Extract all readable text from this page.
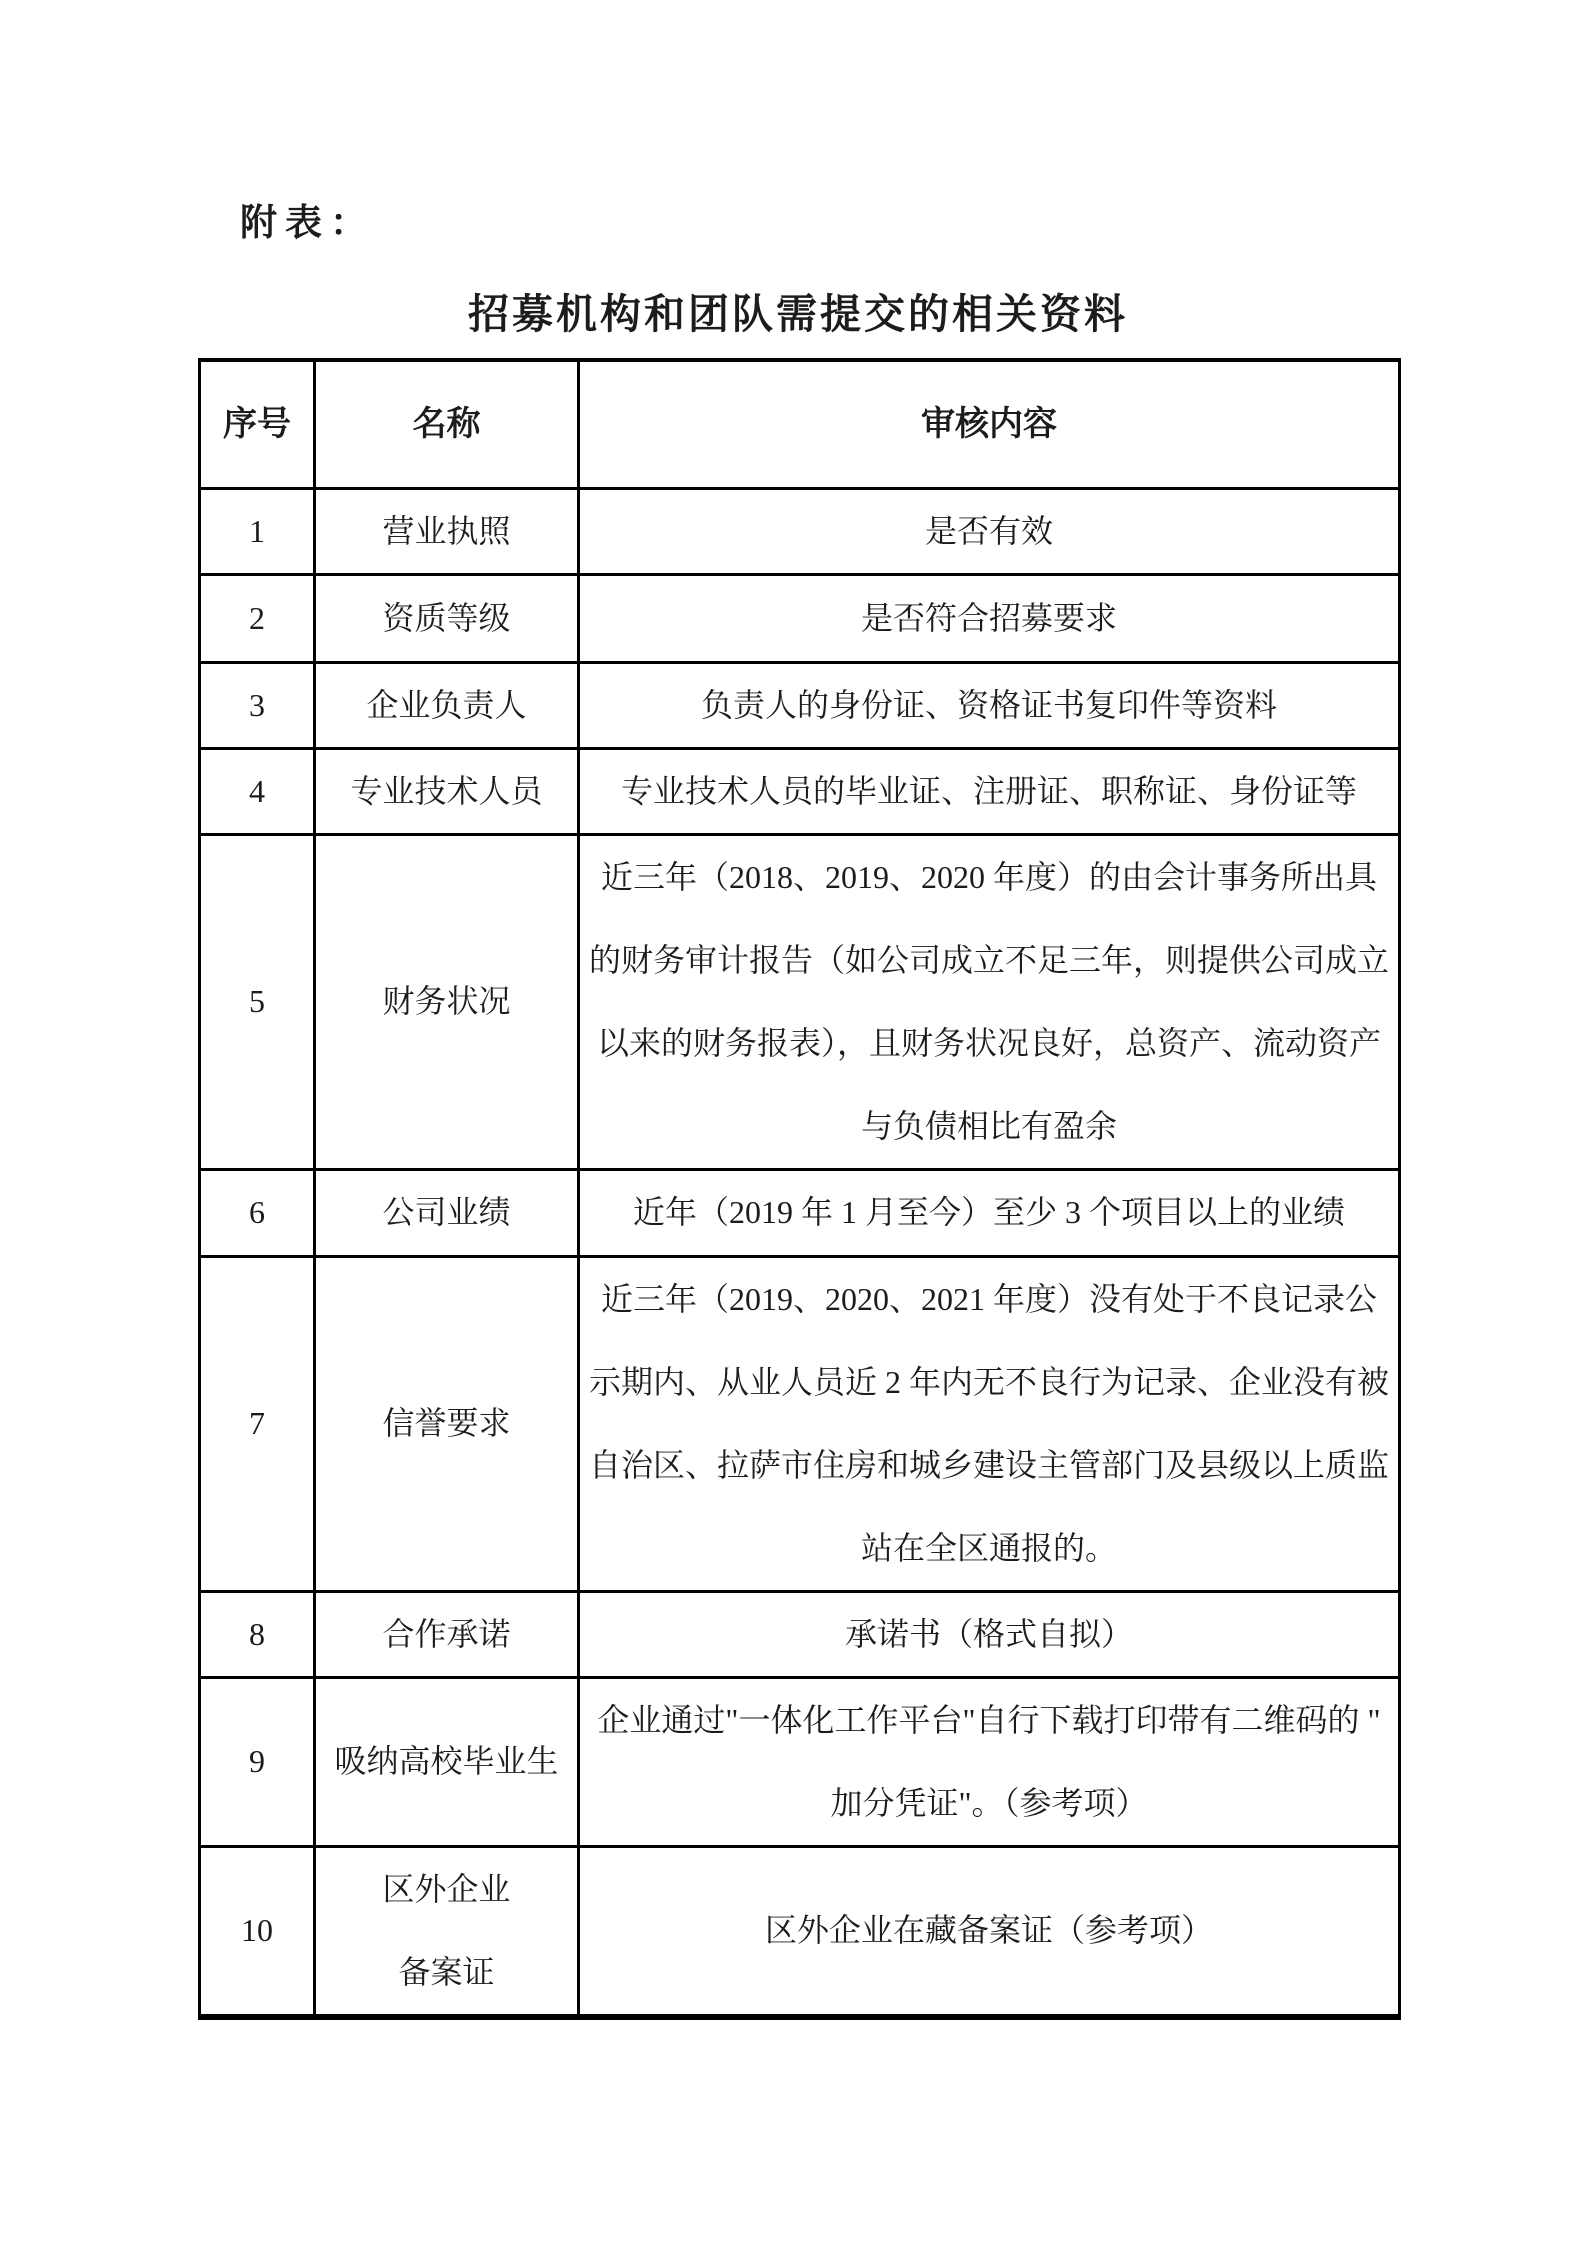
附表：
招募机构和团队需提交的相关资料
序号	名称	审核内容
1	营业执照	是否有效
2	资质等级	是否符合招募要求
3	企业负责人	负责人的身份证、资格证书复印件等资料
4	专业技术人员	专业技术人员的毕业证、注册证、职称证、身份证等
5	财务状况	近三年（2018、2019、2020 年度）的由会计事务所出具
的财务审计报告（如公司成立不足三年，则提供公司成立
以来的财务报表），且财务状况良好，总资产、流动资产
与负债相比有盈余

6	公司业绩	近年（2019 年 1 月至今）至少 3 个项目以上的业绩
7	信誉要求	近三年（2019、2020、2021 年度）没有处于不良记录公
示期内、从业人员近 2 年内无不良行为记录、企业没有被
自治区、拉萨市住房和城乡建设主管部门及县级以上质监
站在全区通报的。

8	合作承诺	承诺书（格式自拟）
9	吸纳高校毕业生	企业通过"一体化工作平台"自行下载打印带有二维码的 "
加分凭证"。（参考项）

10	区外企业
备案证	区外企业在藏备案证（参考项）
